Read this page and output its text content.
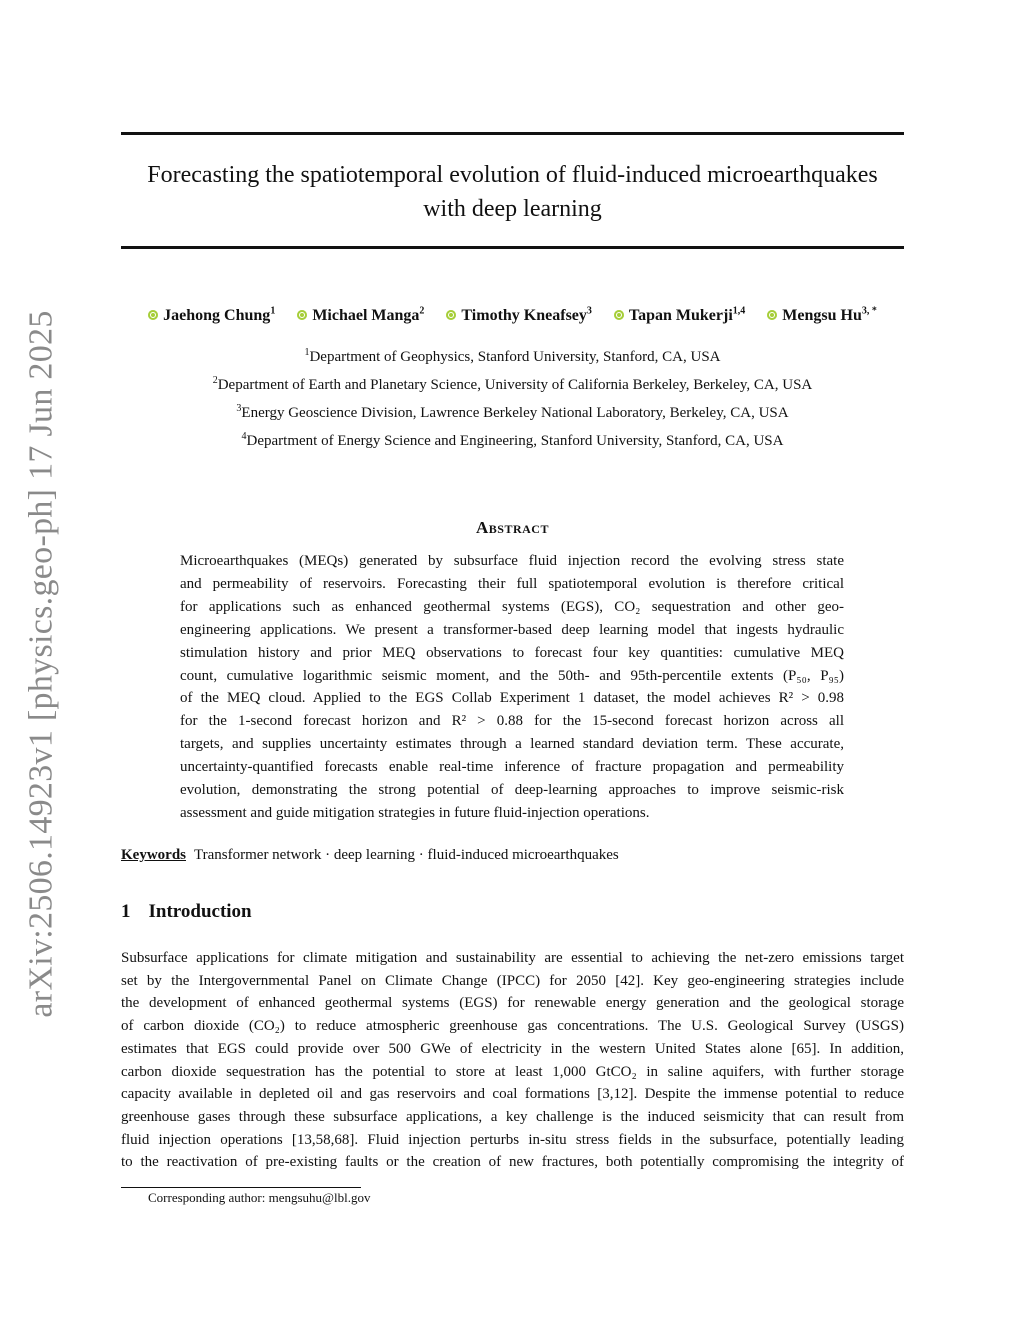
arXiv:2506.14923v1 [physics.geo-ph] 17 Jun 2025
Forecasting the spatiotemporal evolution of fluid-induced microearthquakes
with deep learning
Jaehong Chung$^1$ Michael Manga$^2$ Timothy Kneafsey$^3$ Tapan Mukerji$^{1,4}$ Mengsu $Hu^{3, *}$
$^1$Department of Geophysics, Stanford University, Stanford, CA, USA
$^2$Department of Earth and Planetary Science, University of California Berkeley, Berkeley, CA, USA
$^3$Energy Geoscience Division, Lawrence Berkeley National Laboratory, Berkeley, CA, USA
$^4$Department of Energy Science and Engineering, Stanford University, Stanford, CA, USA
Abstract
Microearthquakes (MEQs) generated by subsurface fluid injection record the evolving stress state
and permeability of reservoirs. Forecasting their full spatiotemporal evolution is therefore critical
for applications such as enhanced geothermal systems (EGS), CO₂ sequestration and other geo-
engineering applications. We present a transformer-based deep learning model that ingests hydraulic
stimulation history and prior MEQ observations to forecast four key quantities: cumulative MEQ
count, cumulative logarithmic seismic moment, and the 50th- and 95th-percentile extents (P₅₀, P₉₅)
of the MEQ cloud. Applied to the EGS Collab Experiment 1 dataset, the model achieves R² > 0.98
for the 1-second forecast horizon and R² > 0.88 for the 15-second forecast horizon across all
targets, and supplies uncertainty estimates through a learned standard deviation term. These accurate,
uncertainty-quantified forecasts enable real-time inference of fracture propagation and permeability
evolution, demonstrating the strong potential of deep-learning approaches to improve seismic-risk
assessment and guide mitigation strategies in future fluid-injection operations.
Keywords Transformer network · deep learning · fluid-induced microearthquakes
1 Introduction
Subsurface applications for climate mitigation and sustainability are essential to achieving the net-zero emissions target
set by the Intergovernmental Panel on Climate Change (IPCC) for 2050 [42]. Key geo-engineering strategies include
the development of enhanced geothermal systems (EGS) for renewable energy generation and the geological storage
of carbon dioxide (CO₂) to reduce atmospheric greenhouse gas concentrations. The U.S. Geological Survey (USGS)
estimates that EGS could provide over 500 GWe of electricity in the western United States alone [65]. In addition,
carbon dioxide sequestration has the potential to store at least 1,000 GtCO₂ in saline aquifers, with further storage
capacity available in depleted oil and gas reservoirs and coal formations [3,12]. Despite the immense potential to reduce
greenhouse gases through these subsurface applications, a key challenge is the induced seismicity that can result from
fluid injection operations [13,58,68]. Fluid injection perturbs in-situ stress fields in the subsurface, potentially leading
to the reactivation of pre-existing faults or the creation of new fractures, both potentially compromising the integrity of
Corresponding author: mengsuhu@lbl.gov
